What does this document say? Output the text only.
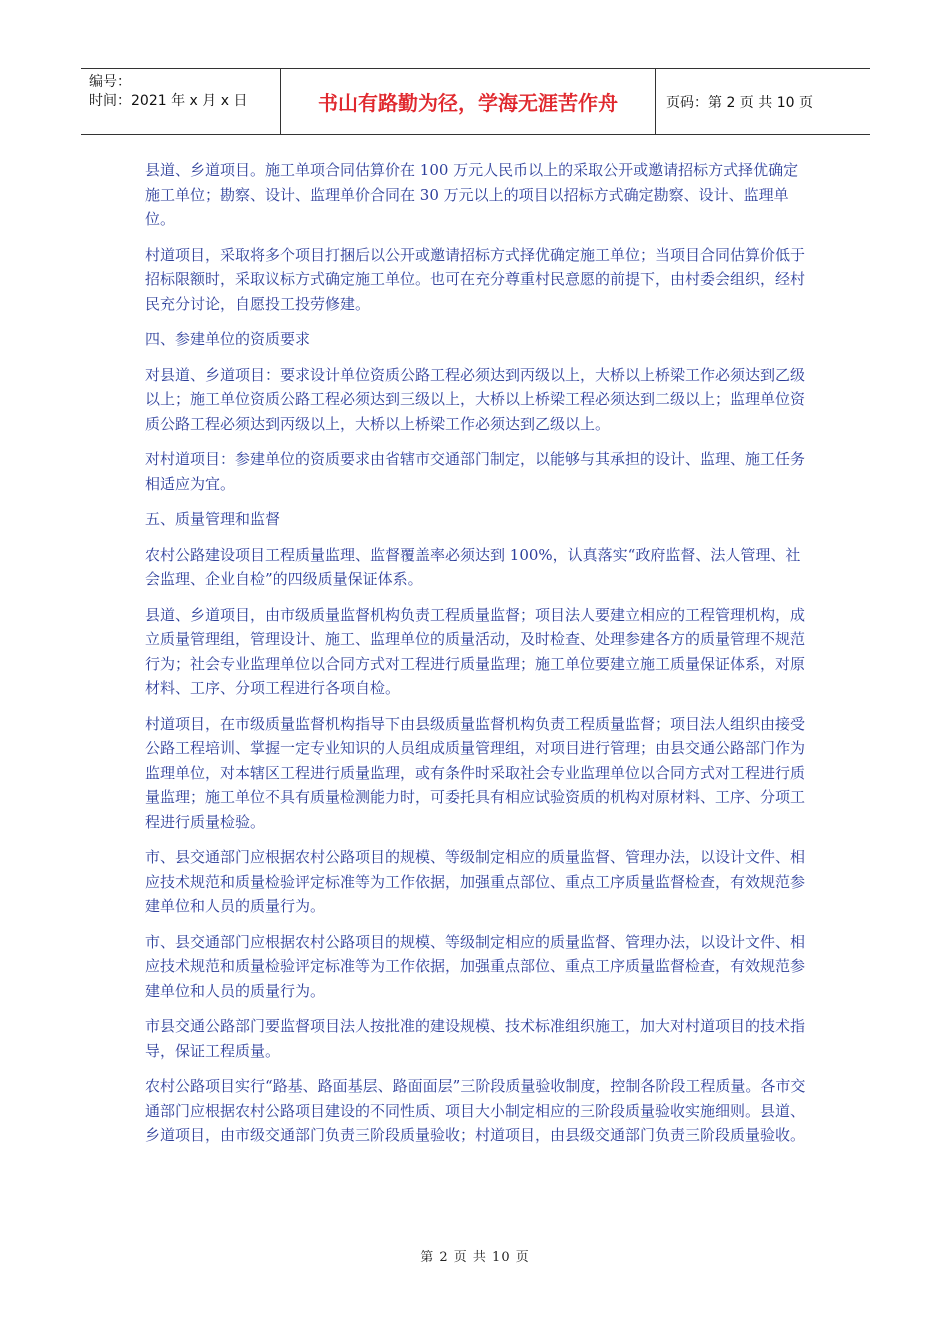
编号：
时间：2021 年 x 月 x 日	书山有路勤为径，学海无涯苦作舟	页码：第 2 页 共 10 页

县道、乡道项目。施工单项合同估算价在 100 万元人民币以上的采取公开或邀请招标方式择优确定施工单位；勘察、设计、监理单价合同在 30 万元以上的项目以招标方式确定勘察、设计、监理单位。

村道项目，采取将多个项目打捆后以公开或邀请招标方式择优确定施工单位；当项目合同估算价低于招标限额时，采取议标方式确定施工单位。也可在充分尊重村民意愿的前提下，由村委会组织，经村民充分讨论，自愿投工投劳修建。

四、参建单位的资质要求

对县道、乡道项目：要求设计单位资质公路工程必须达到丙级以上，大桥以上桥梁工作必须达到乙级以上；施工单位资质公路工程必须达到三级以上，大桥以上桥梁工程必须达到二级以上；监理单位资质公路工程必须达到丙级以上，大桥以上桥梁工作必须达到乙级以上。

对村道项目：参建单位的资质要求由省辖市交通部门制定，以能够与其承担的设计、监理、施工任务相适应为宜。

五、质量管理和监督

农村公路建设项目工程质量监理、监督覆盖率必须达到 100%，认真落实“政府监督、法人管理、社会监理、企业自检”的四级质量保证体系。

县道、乡道项目，由市级质量监督机构负责工程质量监督；项目法人要建立相应的工程管理机构，成立质量管理组，管理设计、施工、监理单位的质量活动，及时检查、处理参建各方的质量管理不规范行为；社会专业监理单位以合同方式对工程进行质量监理；施工单位要建立施工质量保证体系，对原材料、工序、分项工程进行各项自检。

村道项目，在市级质量监督机构指导下由县级质量监督机构负责工程质量监督；项目法人组织由接受公路工程培训、掌握一定专业知识的人员组成质量管理组，对项目进行管理；由县交通公路部门作为监理单位，对本辖区工程进行质量监理，或有条件时采取社会专业监理单位以合同方式对工程进行质量监理；施工单位不具有质量检测能力时，可委托具有相应试验资质的机构对原材料、工序、分项工程进行质量检验。

市、县交通部门应根据农村公路项目的规模、等级制定相应的质量监督、管理办法，以设计文件、相应技术规范和质量检验评定标准等为工作依据，加强重点部位、重点工序质量监督检查，有效规范参建单位和人员的质量行为。

市、县交通部门应根据农村公路项目的规模、等级制定相应的质量监督、管理办法，以设计文件、相应技术规范和质量检验评定标准等为工作依据，加强重点部位、重点工序质量监督检查，有效规范参建单位和人员的质量行为。

市县交通公路部门要监督项目法人按批准的建设规模、技术标准组织施工，加大对村道项目的技术指导，保证工程质量。

农村公路项目实行“路基、路面基层、路面面层”三阶段质量验收制度，控制各阶段工程质量。各市交通部门应根据农村公路项目建设的不同性质、项目大小制定相应的三阶段质量验收实施细则。县道、乡道项目，由市级交通部门负责三阶段质量验收；村道项目，由县级交通部门负责三阶段质量验收。

第 2 页 共 10 页
